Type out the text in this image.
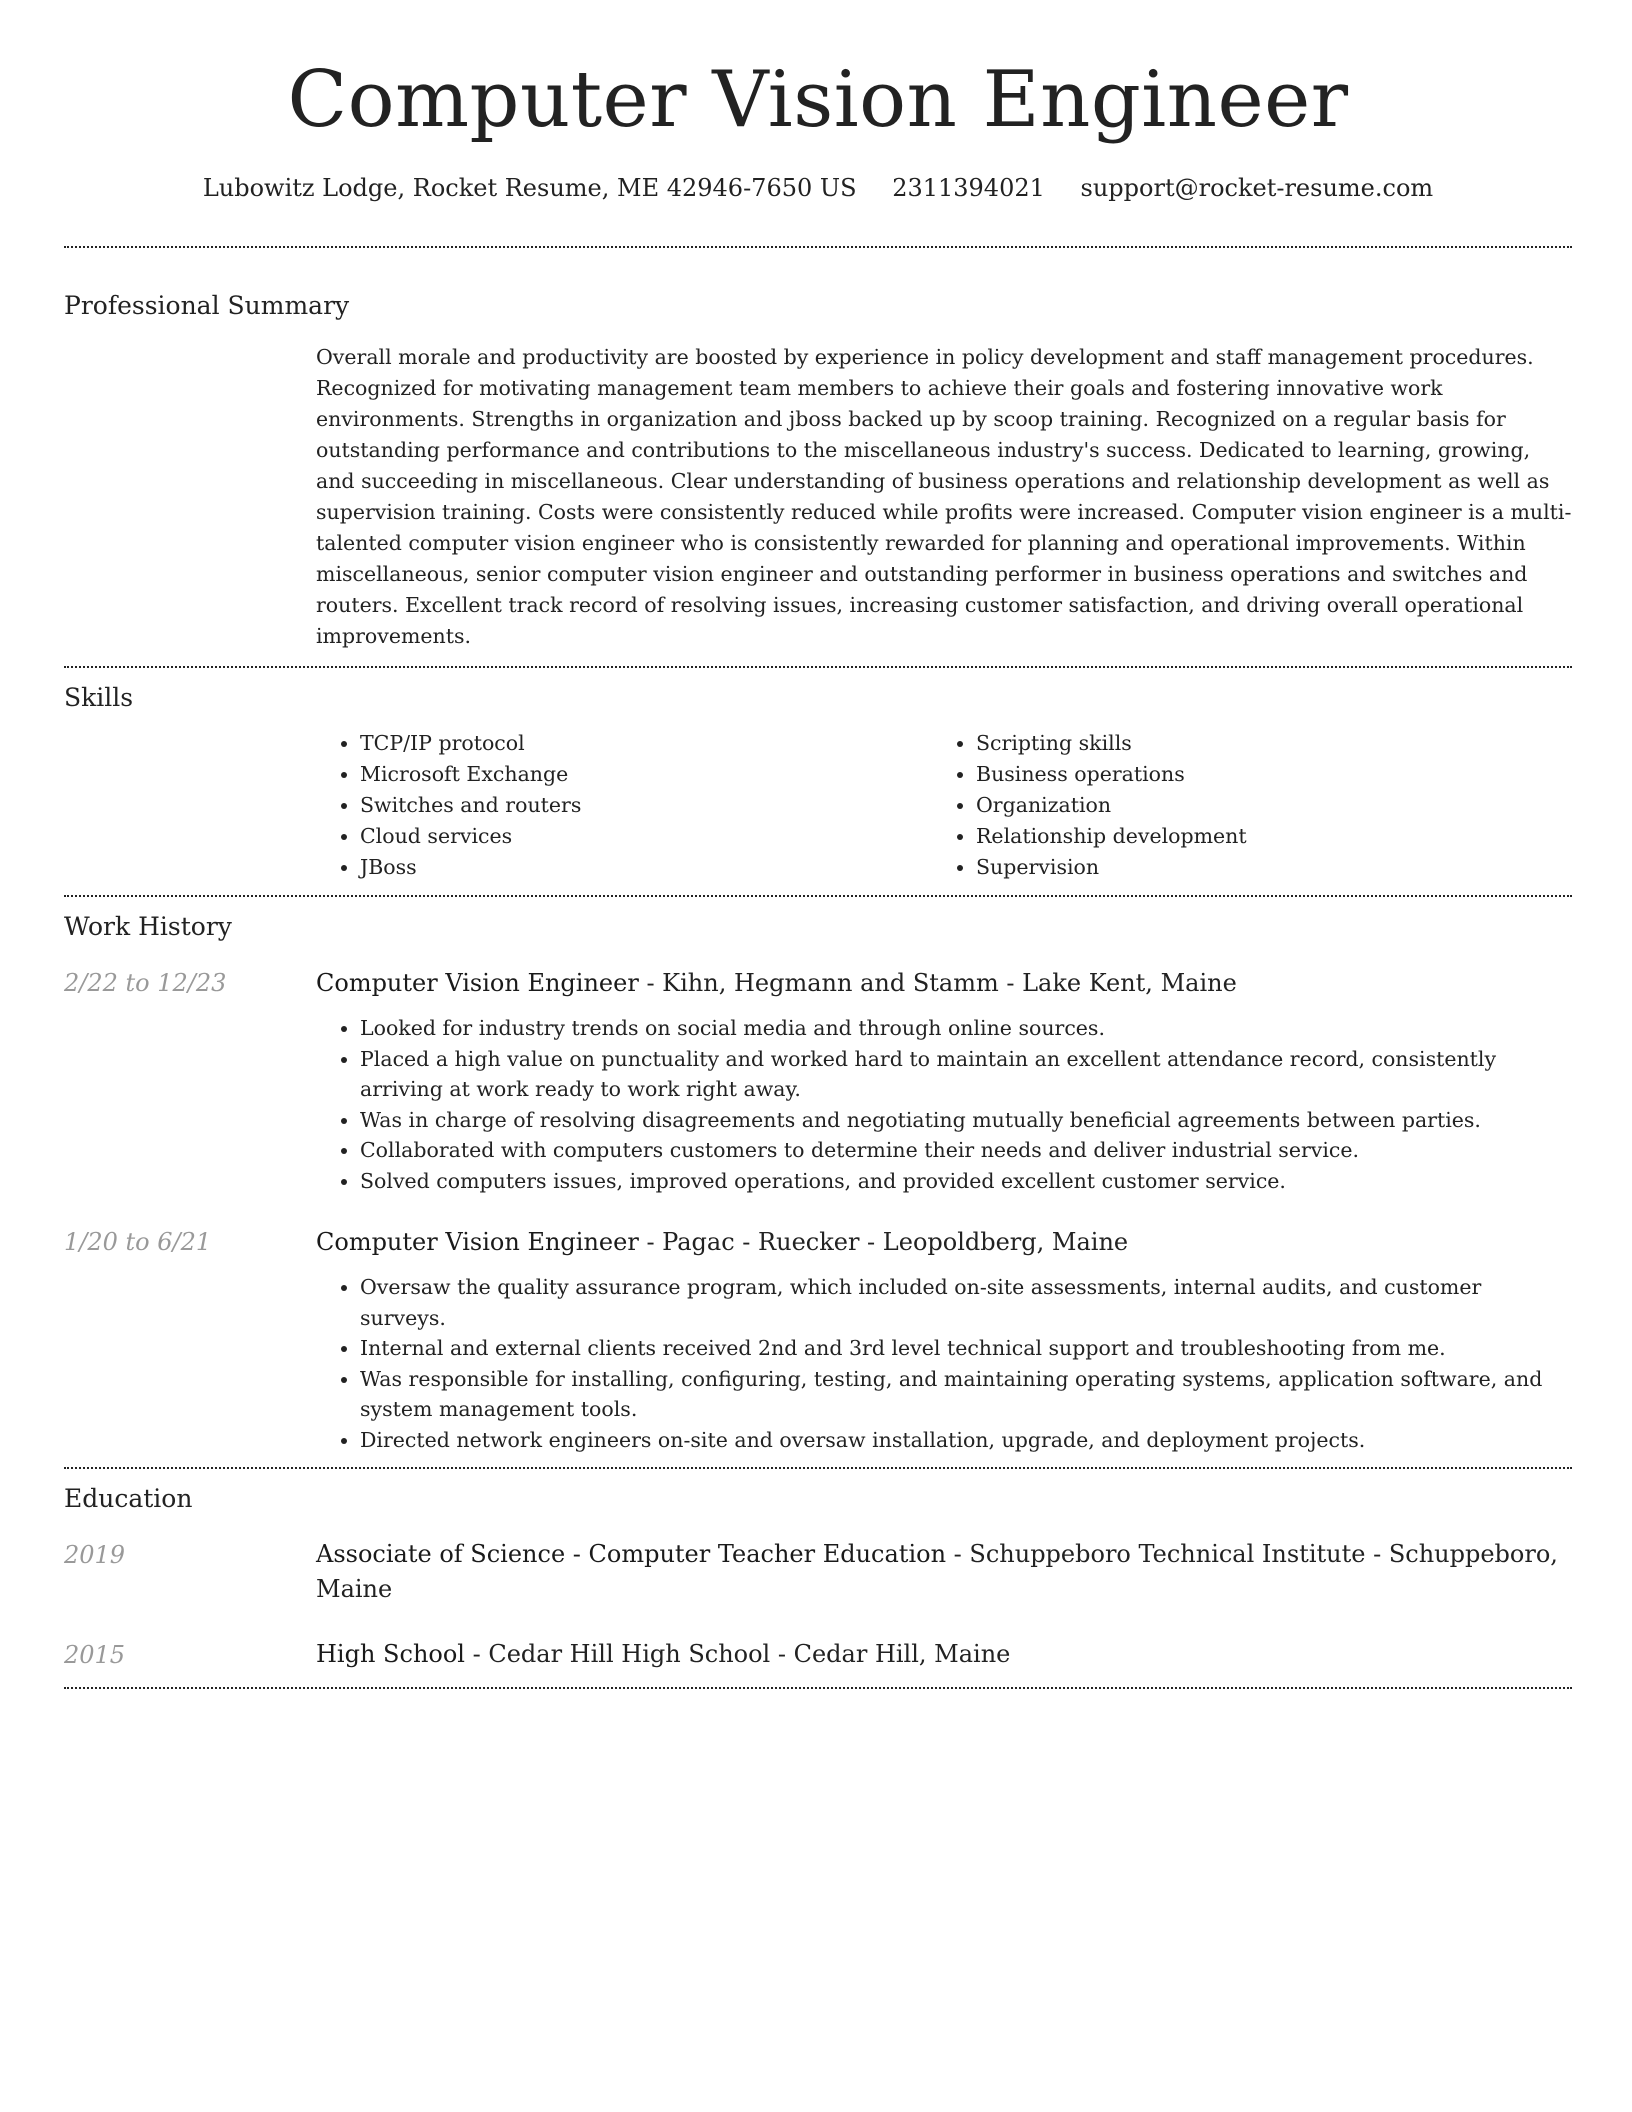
Computer Vision Engineer
Lubowitz Lodge, Rocket Resume, ME 42946-7650 US 2311394021 support@rocket-resume.com
Professional Summary
Overall morale and productivity are boosted by experience in policy development and staff management procedures. Recognized for motivating management team members to achieve their goals and fostering innovative work environments. Strengths in organization and jboss backed up by scoop training. Recognized on a regular basis for outstanding performance and contributions to the miscellaneous industry's success. Dedicated to learning, growing, and succeeding in miscellaneous. Clear understanding of business operations and relationship development as well as supervision training. Costs were consistently reduced while profits were increased. Computer vision engineer is a multi-talented computer vision engineer who is consistently rewarded for planning and operational improvements. Within miscellaneous, senior computer vision engineer and outstanding performer in business operations and switches and routers. Excellent track record of resolving issues, increasing customer satisfaction, and driving overall operational improvements.
Skills
• TCP/IP protocol
• Microsoft Exchange
• Switches and routers
• Cloud services
• JBoss
• Scripting skills
• Business operations
• Organization
• Relationship development
• Supervision
Work History
2/22 to 12/23	Computer Vision Engineer - Kihn, Hegmann and Stamm - Lake Kent, Maine
• Looked for industry trends on social media and through online sources.
• Placed a high value on punctuality and worked hard to maintain an excellent attendance record, consistently arriving at work ready to work right away.
• Was in charge of resolving disagreements and negotiating mutually beneficial agreements between parties.
• Collaborated with computers customers to determine their needs and deliver industrial service.
• Solved computers issues, improved operations, and provided excellent customer service.
1/20 to 6/21	Computer Vision Engineer - Pagac - Ruecker - Leopoldberg, Maine
• Oversaw the quality assurance program, which included on-site assessments, internal audits, and customer surveys.
• Internal and external clients received 2nd and 3rd level technical support and troubleshooting from me.
• Was responsible for installing, configuring, testing, and maintaining operating systems, application software, and system management tools.
• Directed network engineers on-site and oversaw installation, upgrade, and deployment projects.
Education
2019	Associate of Science - Computer Teacher Education - Schuppeboro Technical Institute - Schuppeboro, Maine
2015	High School - Cedar Hill High School - Cedar Hill, Maine
